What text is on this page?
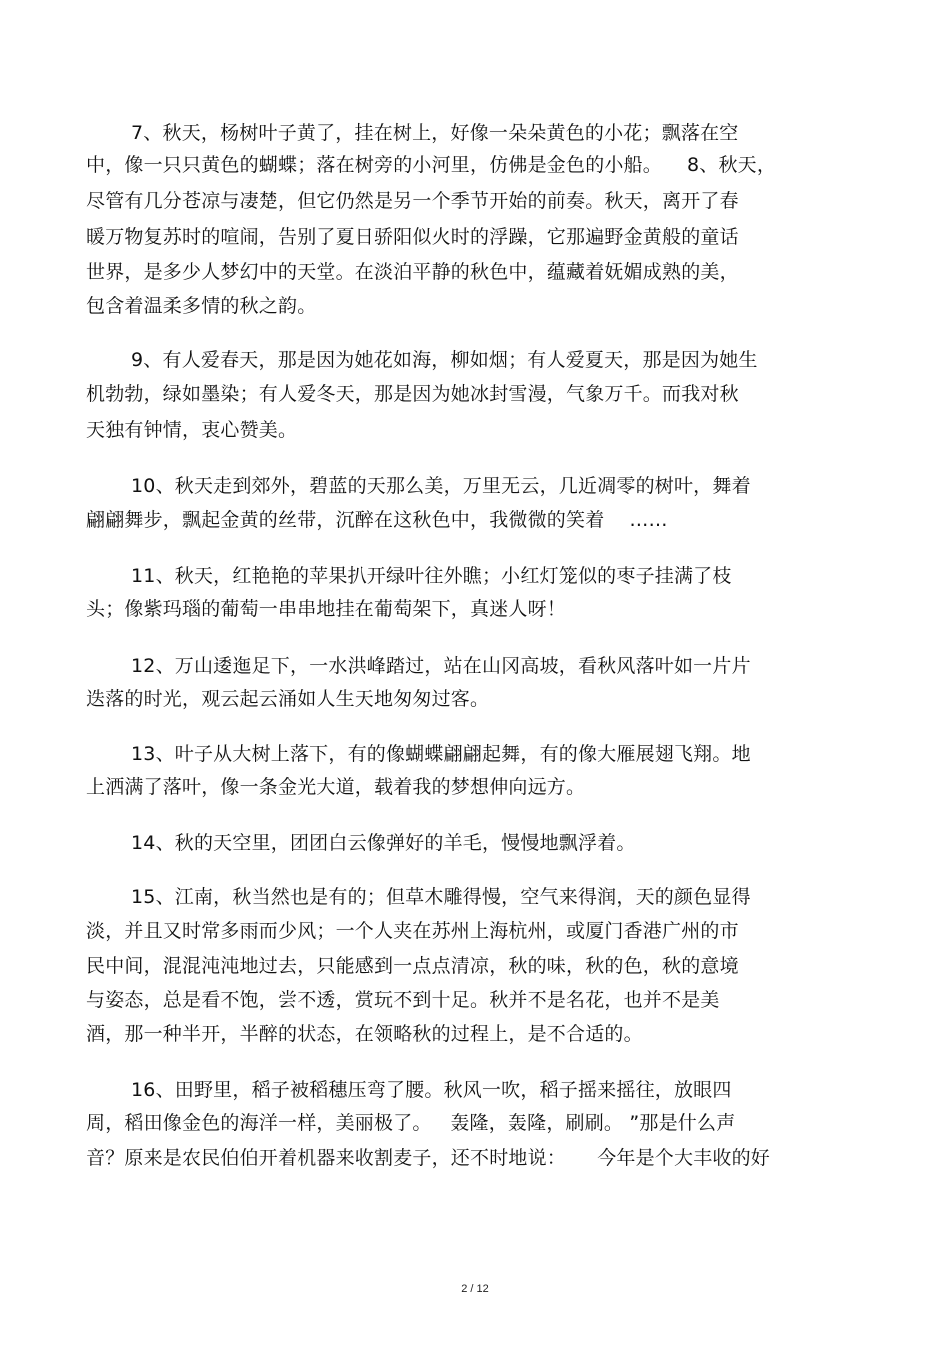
7、秋天，杨树叶子黄了，挂在树上，好像一朵朵黄色的小花；飘落在空
中，像一只只黄色的蝴蝶；落在树旁的小河里，仿佛是金色的小船。    8、秋天，
尽管有几分苍凉与凄楚，但它仍然是另一个季节开始的前奏。秋天，离开了春
暖万物复苏时的喧闹，告别了夏日骄阳似火时的浮躁，它那遍野金黄般的童话
世界，是多少人梦幻中的天堂。在淡泊平静的秋色中，蕴藏着妩媚成熟的美，
包含着温柔多情的秋之韵。
9、有人爱春天，那是因为她花如海，柳如烟；有人爱夏天，那是因为她生
机勃勃，绿如墨染；有人爱冬天，那是因为她冰封雪漫，气象万千。而我对秋
天独有钟情，衷心赞美。
10、秋天走到郊外，碧蓝的天那么美，万里无云，几近凋零的树叶，舞着
翩翩舞步，飘起金黄的丝带，沉醉在这秋色中，我微微的笑着    ……
11、秋天，红艳艳的苹果扒开绿叶往外瞧；小红灯笼似的枣子挂满了枝
头；像紫玛瑙的葡萄一串串地挂在葡萄架下，真迷人呀！
12、万山逶迤足下，一水洪峰踏过，站在山冈高坡，看秋风落叶如一片片
迭落的时光，观云起云涌如人生天地匆匆过客。
13、叶子从大树上落下，有的像蝴蝶翩翩起舞，有的像大雁展翅飞翔。地
上洒满了落叶，像一条金光大道，载着我的梦想伸向远方。
14、秋的天空里，团团白云像弹好的羊毛，慢慢地飘浮着。
15、江南，秋当然也是有的；但草木雕得慢，空气来得润，天的颜色显得
淡，并且又时常多雨而少风；一个人夹在苏州上海杭州，或厦门香港广州的市
民中间，混混沌沌地过去，只能感到一点点清凉，秋的味，秋的色，秋的意境
与姿态，总是看不饱，尝不透，赏玩不到十足。秋并不是名花，也并不是美
酒，那一种半开，半醉的状态，在领略秋的过程上，是不合适的。
16、田野里，稻子被稻穗压弯了腰。秋风一吹，稻子摇来摇往，放眼四
周，稻田像金色的海洋一样，美丽极了。   轰隆，轰隆，刷刷。 ”那是什么声
音？原来是农民伯伯开着机器来收割麦子，还不时地说：     今年是个大丰收的好
2 / 12
